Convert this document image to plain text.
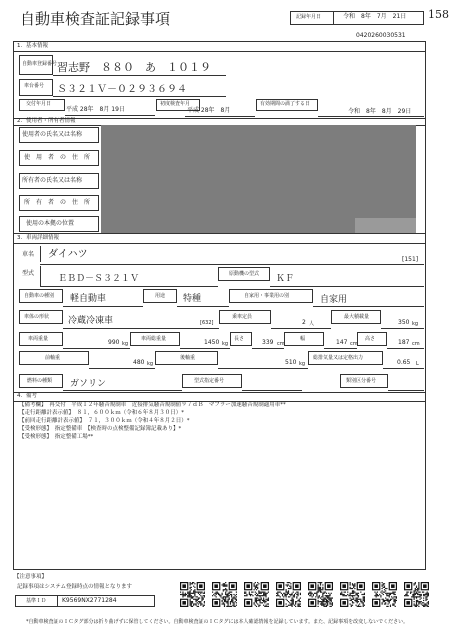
自動車検査証記録事項	記録年月日	令和　8年　7月　21日 158
0420260030531
1．基本情報
自動車登録番号 習志野　８８０　あ　１０１９
車台番号 Ｓ３２１Ｖ－０２９３６９４
交付年月日
平成 28年　8月 19日
初度検査年月
平成 28年　8月
有効期間の満了する日
令和　8年　8月　29日
2．使用者・所有者情報
使用者の氏名又は名称
使　用　者　の　住　所
所有者の氏名又は名称
所　有　者　の　住　所
使用の本拠の位置
3．車両詳細情報
車名 ダイハツ	[151]
型式
ＥＢＤ－Ｓ３２１Ｖ	原動機の型式 ＫＦ
自動車の種別 軽自動車	用途 特種	自家用・事業用の別	自家用
車体の形状 冷蔵冷凍車	[632]
乗車定員
2 人
最大積載量
350 kg
車両重量	990 kg
車両総重量	1450 kg
長さ	339 cm
幅	147 cm
高さ	187 cm
前軸重
480 kg
後軸重
510 kg
総排気量又は定格出力
0.65 L
燃料の種類 ガソリン	型式指定番号	類別区分番号
4．備考
【備考欄】　再交付　平成１２年騒音規制車　近接排気騒音規制値９７ｄＢ　マフラー加速騒音規制適用車**
【走行距離計表示値】　８１，６００ｋｍ（令和６年８月３０日）*
【前回走行距離計表示値】　７１，３００ｋｍ（令和４年８月２日）*
【受検形態】　指定整備車　【検査時の点検整備記録簿記載あり】*
【受検形態】　指定整備工場**
【注意事項】
記録事項はシステム登録時点の情報となります
基準ＩＤ	K9569NX2771284
*自動車検査証のＩＣタグ部分は折り曲げずに保管してください。自動車検査証のＩＣタグには本人確認情報を記録しています。また、記録事項を改変しないでください。
